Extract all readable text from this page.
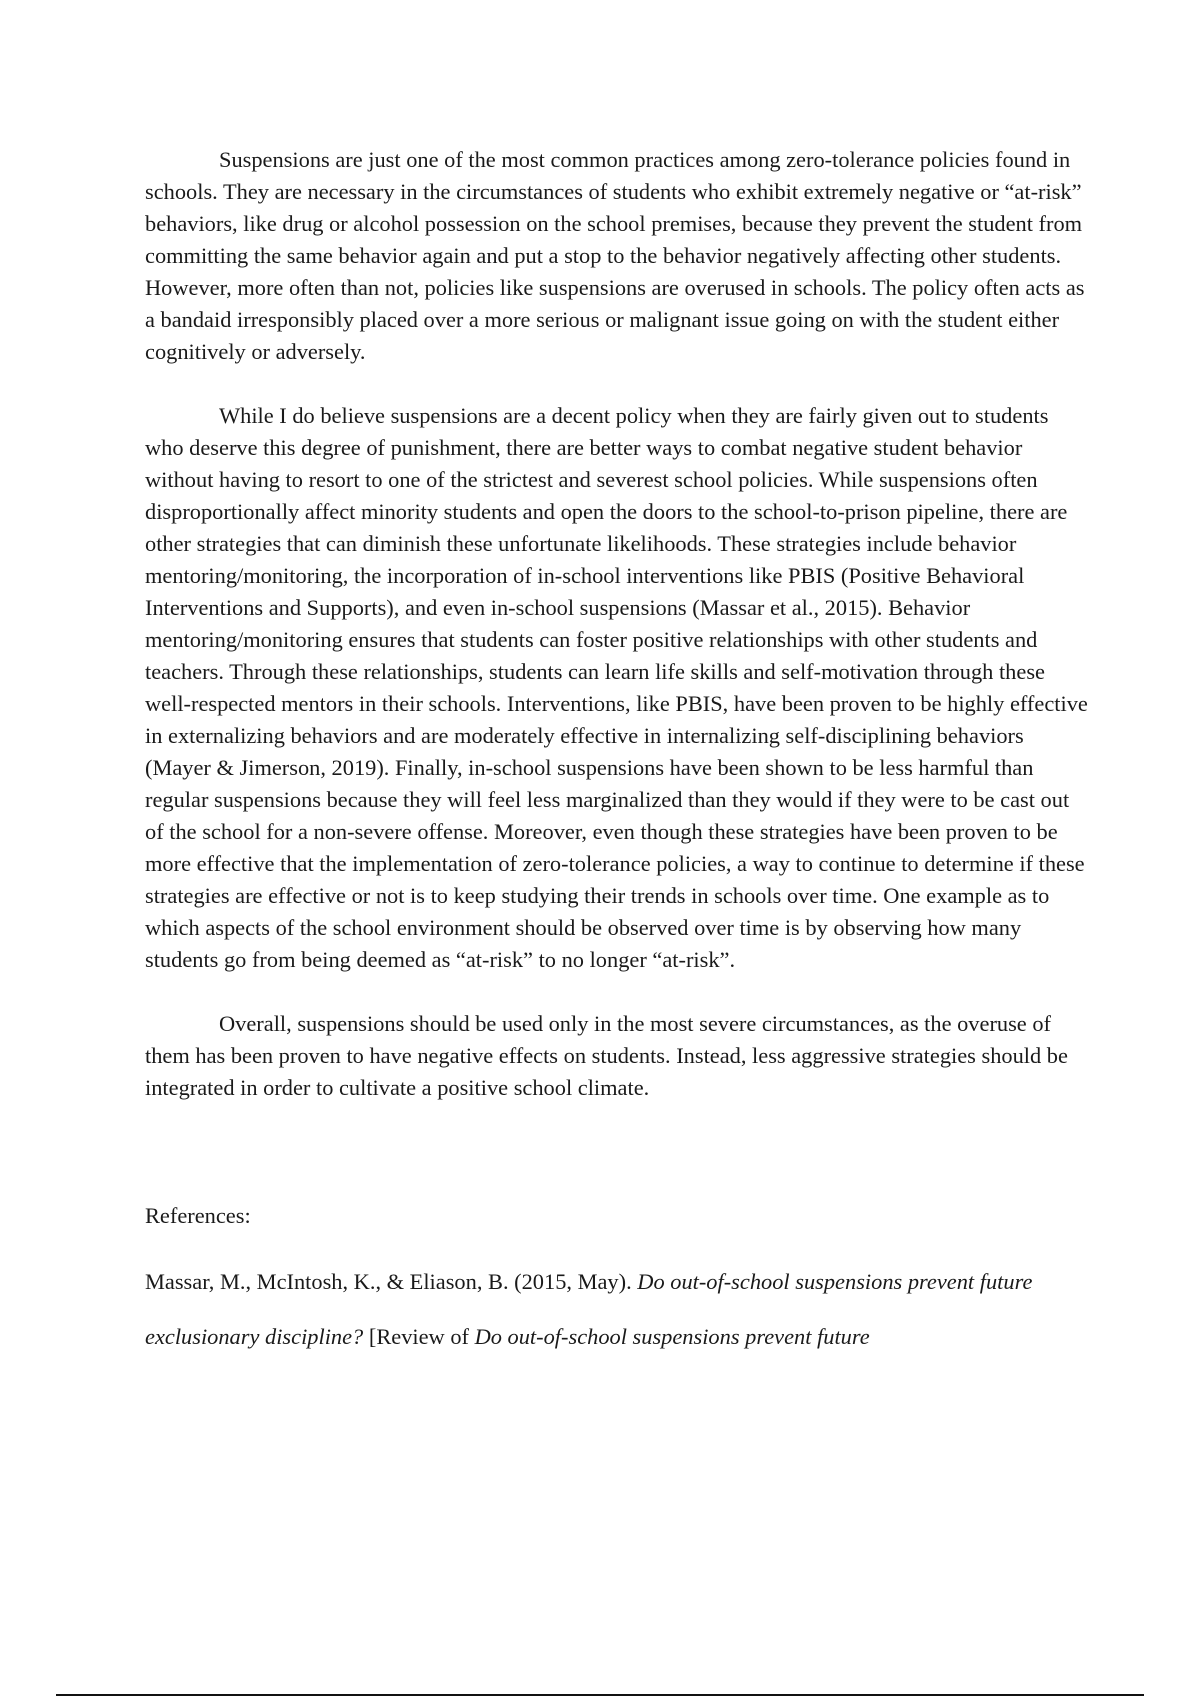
Suspensions are just one of the most common practices among zero-tolerance policies found in schools. They are necessary in the circumstances of students who exhibit extremely negative or “at-risk” behaviors, like drug or alcohol possession on the school premises, because they prevent the student from committing the same behavior again and put a stop to the behavior negatively affecting other students. However, more often than not, policies like suspensions are overused in schools. The policy often acts as a bandaid irresponsibly placed over a more serious or malignant issue going on with the student either cognitively or adversely.

While I do believe suspensions are a decent policy when they are fairly given out to students who deserve this degree of punishment, there are better ways to combat negative student behavior without having to resort to one of the strictest and severest school policies. While suspensions often disproportionally affect minority students and open the doors to the school-to-prison pipeline, there are other strategies that can diminish these unfortunate likelihoods. These strategies include behavior mentoring/monitoring, the incorporation of in-school interventions like PBIS (Positive Behavioral Interventions and Supports), and even in-school suspensions (Massar et al., 2015). Behavior mentoring/monitoring ensures that students can foster positive relationships with other students and teachers. Through these relationships, students can learn life skills and self-motivation through these well-respected mentors in their schools. Interventions, like PBIS, have been proven to be highly effective in externalizing behaviors and are moderately effective in internalizing self-disciplining behaviors (Mayer & Jimerson, 2019). Finally, in-school suspensions have been shown to be less harmful than regular suspensions because they will feel less marginalized than they would if they were to be cast out of the school for a non-severe offense. Moreover, even though these strategies have been proven to be more effective that the implementation of zero-tolerance policies, a way to continue to determine if these strategies are effective or not is to keep studying their trends in schools over time. One example as to which aspects of the school environment should be observed over time is by observing how many students go from being deemed as “at-risk” to no longer “at-risk”.

Overall, suspensions should be used only in the most severe circumstances, as the overuse of them has been proven to have negative effects on students. Instead, less aggressive strategies should be integrated in order to cultivate a positive school climate.

References:

Massar, M., McIntosh, K., & Eliason, B. (2015, May). Do out-of-school suspensions prevent future exclusionary discipline? [Review of Do out-of-school suspensions prevent future
